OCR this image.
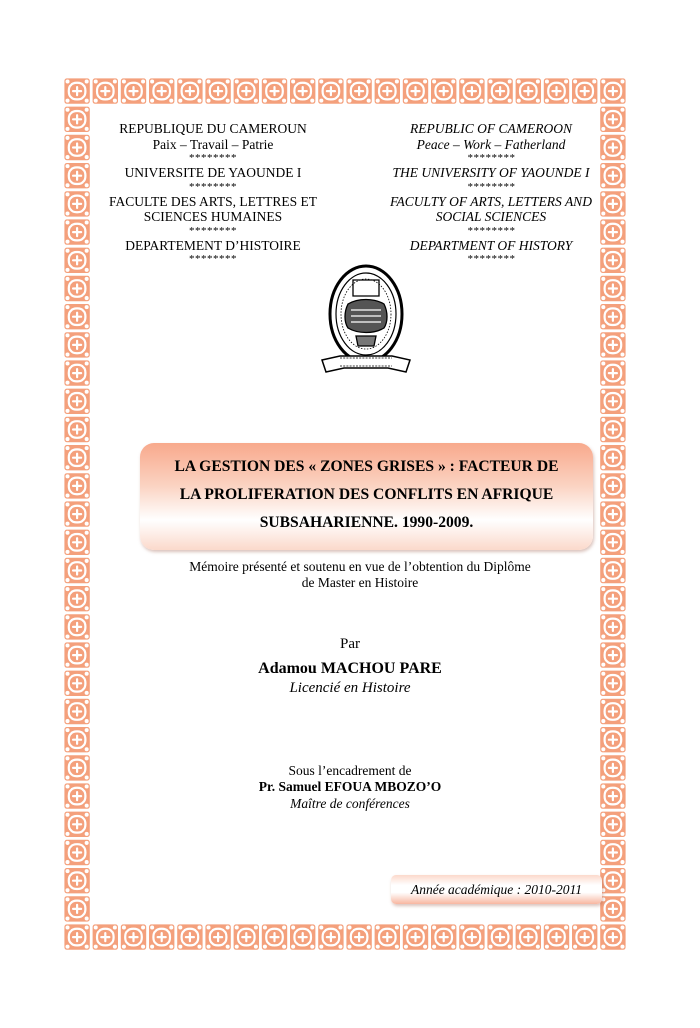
REPUBLIQUE DU CAMEROUN
Paix – Travail – Patrie
********
UNIVERSITE DE YAOUNDE I
********
FACULTE DES ARTS, LETTRES ET
SCIENCES HUMAINES
********
DEPARTEMENT D’HISTOIRE
********
REPUBLIC OF CAMEROON
Peace – Work – Fatherland
********
THE UNIVERSITY OF YAOUNDE I
********
FACULTY OF ARTS, LETTERS AND
SOCIAL SCIENCES
********
DEPARTMENT OF HISTORY
********
LA GESTION DES « ZONES GRISES » : FACTEUR DE
LA PROLIFERATION DES CONFLITS EN AFRIQUE
SUBSAHARIENNE. 1990-2009.
Mémoire présenté et soutenu en vue de l’obtention du Diplôme
de Master en Histoire
Par
Adamou MACHOU PARE
Licencié en Histoire
Sous l’encadrement de
Pr. Samuel EFOUA MBOZO’O
Maître de conférences
Année académique : 2010-2011
